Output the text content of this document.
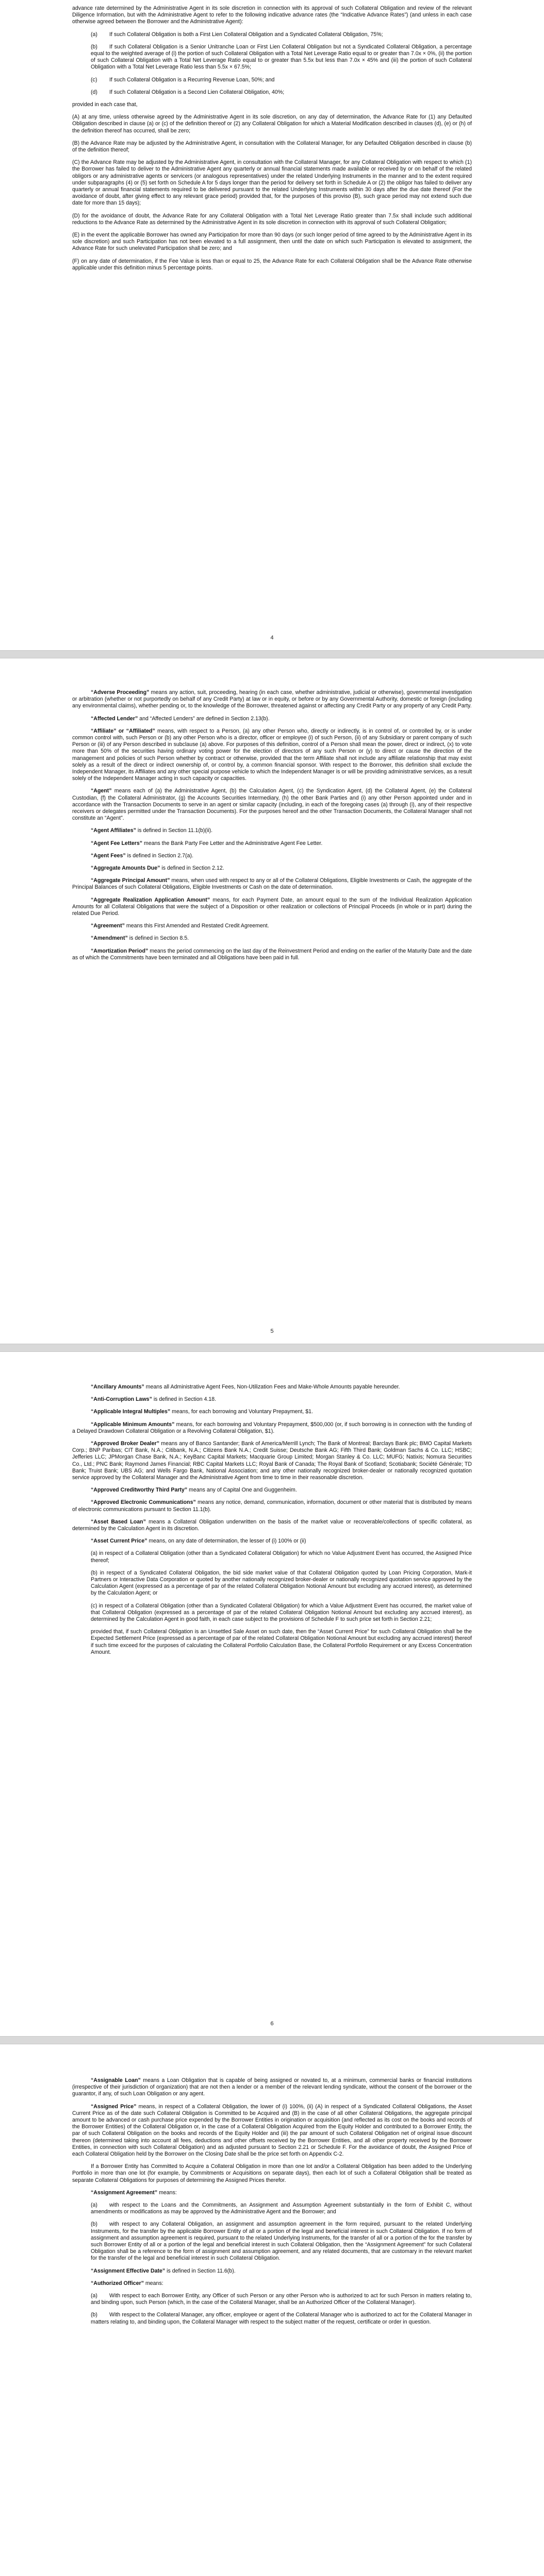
advance rate determined by the Administrative Agent in its sole discretion in connection with its approval of such Collateral Obligation and review of the relevant Diligence Information, but with the Administrative Agent to refer to the following indicative advance rates (the “Indicative Advance Rates”) (and unless in each case otherwise agreed between the Borrower and the Administrative Agent):

(a) If such Collateral Obligation is both a First Lien Collateral Obligation and a Syndicated Collateral Obligation, 75%;

(b) If such Collateral Obligation is a Senior Unitranche Loan or First Lien Collateral Obligation but not a Syndicated Collateral Obligation, a percentage equal to the weighted average of (i) the portion of such Collateral Obligation with a Total Net Leverage Ratio equal to or greater than 7.0x × 0%, (ii) the portion of such Collateral Obligation with a Total Net Leverage Ratio equal to or greater than 5.5x but less than 7.0x × 45% and (iii) the portion of such Collateral Obligation with a Total Net Leverage Ratio less than 5.5x × 67.5%;

(c) If such Collateral Obligation is a Recurring Revenue Loan, 50%; and

(d) If such Collateral Obligation is a Second Lien Collateral Obligation, 40%;

provided in each case that,

(A) at any time, unless otherwise agreed by the Administrative Agent in its sole discretion, on any day of determination, the Advance Rate for (1) any Defaulted Obligation described in clause (a) or (c) of the definition thereof or (2) any Collateral Obligation for which a Material Modification described in clauses (d), (e) or (h) of the definition thereof has occurred, shall be zero;

(B) the Advance Rate may be adjusted by the Administrative Agent, in consultation with the Collateral Manager, for any Defaulted Obligation described in clause (b) of the definition thereof;

(C) the Advance Rate may be adjusted by the Administrative Agent, in consultation with the Collateral Manager, for any Collateral Obligation with respect to which (1) the Borrower has failed to deliver to the Administrative Agent any quarterly or annual financial statements made available or received by or on behalf of the related obligors or any administrative agents or servicers (or analogous representatives) under the related Underlying Instruments in the manner and to the extent required under subparagraphs (4) or (5) set forth on Schedule A for 5 days longer than the period for delivery set forth in Schedule A or (2) the obligor has failed to deliver any quarterly or annual financial statements required to be delivered pursuant to the related Underlying Instruments within 30 days after the due date thereof (For the avoidance of doubt, after giving effect to any relevant grace period) provided that, for the purposes of this proviso (B), such grace period may not extend such due date for more than 15 days);

(D) for the avoidance of doubt, the Advance Rate for any Collateral Obligation with a Total Net Leverage Ratio greater than 7.5x shall include such additional reductions to the Advance Rate as determined by the Administrative Agent in its sole discretion in connection with its approval of such Collateral Obligation;

(E) in the event the applicable Borrower has owned any Participation for more than 90 days (or such longer period of time agreed to by the Administrative Agent in its sole discretion) and such Participation has not been elevated to a full assignment, then until the date on which such Participation is elevated to assignment, the Advance Rate for such unelevated Participation shall be zero; and

(F) on any date of determination, if the Fee Value is less than or equal to 25, the Advance Rate for each Collateral Obligation shall be the Advance Rate otherwise applicable under this definition minus 5 percentage points.

4

“Adverse Proceeding” means any action, suit, proceeding, hearing (in each case, whether administrative, judicial or otherwise), governmental investigation or arbitration (whether or not purportedly on behalf of any Credit Party) at law or in equity, or before or by any Governmental Authority, domestic or foreign (including any environmental claims), whether pending or, to the knowledge of the Borrower, threatened against or affecting any Credit Party or any property of any Credit Party.

“Affected Lender” and “Affected Lenders” are defined in Section 2.13(b).

“Affiliate” or “Affiliated” means, with respect to a Person, (a) any other Person who, directly or indirectly, is in control of, or controlled by, or is under common control with, such Person or (b) any other Person who is a director, officer or employee (i) of such Person, (ii) of any Subsidiary or parent company of such Person or (iii) of any Person described in subclause (a) above. For purposes of this definition, control of a Person shall mean the power, direct or indirect, (x) to vote more than 50% of the securities having ordinary voting power for the election of directors of any such Person or (y) to direct or cause the direction of the management and policies of such Person whether by contract or otherwise, provided that the term Affiliate shall not include any affiliate relationship that may exist solely as a result of the direct or indirect ownership of, or control by, a common financial sponsor. With respect to the Borrower, this definition shall exclude the Independent Manager, its Affiliates and any other special purpose vehicle to which the Independent Manager is or will be providing administrative services, as a result solely of the Independent Manager acting in such capacity or capacities.

“Agent” means each of (a) the Administrative Agent, (b) the Calculation Agent, (c) the Syndication Agent, (d) the Collateral Agent, (e) the Collateral Custodian, (f) the Collateral Administrator, (g) the Accounts Securities Intermediary, (h) the other Bank Parties and (i) any other Person appointed under and in accordance with the Transaction Documents to serve in an agent or similar capacity (including, in each of the foregoing cases (a) through (i), any of their respective receivers or delegates permitted under the Transaction Documents). For the purposes hereof and the other Transaction Documents, the Collateral Manager shall not constitute an “Agent”.

“Agent Affiliates” is defined in Section 11.1(b)(ii).

“Agent Fee Letters” means the Bank Party Fee Letter and the Administrative Agent Fee Letter.

“Agent Fees” is defined in Section 2.7(a).

“Aggregate Amounts Due” is defined in Section 2.12.

“Aggregate Principal Amount” means, when used with respect to any or all of the Collateral Obligations, Eligible Investments or Cash, the aggregate of the Principal Balances of such Collateral Obligations, Eligible Investments or Cash on the date of determination.

“Aggregate Realization Application Amount” means, for each Payment Date, an amount equal to the sum of the Individual Realization Application Amounts for all Collateral Obligations that were the subject of a Disposition or other realization or collections of Principal Proceeds (in whole or in part) during the related Due Period.

“Agreement” means this First Amended and Restated Credit Agreement.

“Amendment” is defined in Section 8.5.

“Amortization Period” means the period commencing on the last day of the Reinvestment Period and ending on the earlier of the Maturity Date and the date as of which the Commitments have been terminated and all Obligations have been paid in full.

5

“Ancillary Amounts” means all Administrative Agent Fees, Non-Utilization Fees and Make-Whole Amounts payable hereunder.

“Anti-Corruption Laws” is defined in Section 4.18.

“Applicable Integral Multiples” means, for each borrowing and Voluntary Prepayment, $1.

“Applicable Minimum Amounts” means, for each borrowing and Voluntary Prepayment, $500,000 (or, if such borrowing is in connection with the funding of a Delayed Drawdown Collateral Obligation or a Revolving Collateral Obligation, $1).

“Approved Broker Dealer” means any of Banco Santander; Bank of America/Merrill Lynch; The Bank of Montreal; Barclays Bank plc; BMO Capital Markets Corp.; BNP Paribas; CIT Bank, N.A.; Citibank, N.A.; Citizens Bank N.A.; Credit Suisse; Deutsche Bank AG; Fifth Third Bank; Goldman Sachs & Co. LLC; HSBC; Jefferies LLC; JPMorgan Chase Bank, N.A.; KeyBanc Capital Markets; Macquarie Group Limited; Morgan Stanley & Co. LLC; MUFG; Natixis; Nomura Securities Co., Ltd.; PNC Bank; Raymond James Financial; RBC Capital Markets LLC; Royal Bank of Canada; The Royal Bank of Scotland; Scotiabank; Société Générale; TD Bank; Truist Bank; UBS AG; and Wells Fargo Bank, National Association; and any other nationally recognized broker-dealer or nationally recognized quotation service approved by the Collateral Manager and the Administrative Agent from time to time in their reasonable discretion.

“Approved Creditworthy Third Party” means any of Capital One and Guggenheim.

“Approved Electronic Communications” means any notice, demand, communication, information, document or other material that is distributed by means of electronic communications pursuant to Section 11.1(b).

“Asset Based Loan” means a Collateral Obligation underwritten on the basis of the market value or recoverable/collections of specific collateral, as determined by the Calculation Agent in its discretion.

“Asset Current Price” means, on any date of determination, the lesser of (i) 100% or (ii)

(a) in respect of a Collateral Obligation (other than a Syndicated Collateral Obligation) for which no Value Adjustment Event has occurred, the Assigned Price thereof;

(b) in respect of a Syndicated Collateral Obligation, the bid side market value of that Collateral Obligation quoted by Loan Pricing Corporation, Mark-it Partners or Interactive Data Corporation or quoted by another nationally recognized broker-dealer or nationally recognized quotation service approved by the Calculation Agent (expressed as a percentage of par of the related Collateral Obligation Notional Amount but excluding any accrued interest), as determined by the Calculation Agent; or

(c) in respect of a Collateral Obligation (other than a Syndicated Collateral Obligation) for which a Value Adjustment Event has occurred, the market value of that Collateral Obligation (expressed as a percentage of par of the related Collateral Obligation Notional Amount but excluding any accrued interest), as determined by the Calculation Agent in good faith, in each case subject to the provisions of Schedule F to such price set forth in Section 2.21;

provided that, if such Collateral Obligation is an Unsettled Sale Asset on such date, then the “Asset Current Price” for such Collateral Obligation shall be the Expected Settlement Price (expressed as a percentage of par of the related Collateral Obligation Notional Amount but excluding any accrued interest) thereof if such time exceed for the purposes of calculating the Collateral Portfolio Calculation Base, the Collateral Portfolio Requirement or any Excess Concentration Amount.

6

“Assignable Loan” means a Loan Obligation that is capable of being assigned or novated to, at a minimum, commercial banks or financial institutions (irrespective of their jurisdiction of organization) that are not then a lender or a member of the relevant lending syndicate, without the consent of the borrower or the guarantor, if any, of such Loan Obligation or any agent.

“Assigned Price” means, in respect of a Collateral Obligation, the lower of (i) 100%, (ii) (A) in respect of a Syndicated Collateral Obligations, the Asset Current Price as of the date such Collateral Obligation is Committed to be Acquired and (B) in the case of all other Collateral Obligations, the aggregate principal amount to be advanced or cash purchase price expended by the Borrower Entities in origination or acquisition (and reflected as its cost on the books and records of the Borrower Entities) of the Collateral Obligation or, in the case of a Collateral Obligation Acquired from the Equity Holder and contributed to a Borrower Entity, the par of such Collateral Obligation on the books and records of the Equity Holder and (iii) the par amount of such Collateral Obligation net of original issue discount thereon (determined taking into account all fees, deductions and other offsets received by the Borrower Entities, and all other property received by the Borrower Entities, in connection with such Collateral Obligation) and as adjusted pursuant to Section 2.21 or Schedule F. For the avoidance of doubt, the Assigned Price of each Collateral Obligation held by the Borrower on the Closing Date shall be the price set forth on Appendix C-2.

If a Borrower Entity has Committed to Acquire a Collateral Obligation in more than one lot and/or a Collateral Obligation has been added to the Underlying Portfolio in more than one lot (for example, by Commitments or Acquisitions on separate days), then each lot of such a Collateral Obligation shall be treated as separate Collateral Obligations for purposes of determining the Assigned Prices therefor.

“Assignment Agreement” means:

(a) with respect to the Loans and the Commitments, an Assignment and Assumption Agreement substantially in the form of Exhibit C, without amendments or modifications as may be approved by the Administrative Agent and the Borrower; and

(b) with respect to any Collateral Obligation, an assignment and assumption agreement in the form required, pursuant to the related Underlying Instruments, for the transfer by the applicable Borrower Entity of all or a portion of the legal and beneficial interest in such Collateral Obligation. If no form of assignment and assumption agreement is required, pursuant to the related Underlying Instruments, for the transfer of all or a portion of the for the transfer by such Borrower Entity of all or a portion of the legal and beneficial interest in such Collateral Obligation, then the “Assignment Agreement” for such Collateral Obligation shall be a reference to the form of assignment and assumption agreement, and any related documents, that are customary in the relevant market for the transfer of the legal and beneficial interest in such Collateral Obligation.

“Assignment Effective Date” is defined in Section 11.6(b).

“Authorized Officer” means:

(a) With respect to each Borrower Entity, any Officer of such Person or any other Person who is authorized to act for such Person in matters relating to, and binding upon, such Person (which, in the case of the Collateral Manager, shall be an Authorized Officer of the Collateral Manager).

(b) With respect to the Collateral Manager, any officer, employee or agent of the Collateral Manager who is authorized to act for the Collateral Manager in matters relating to, and binding upon, the Collateral Manager with respect to the subject matter of the request, certificate or order in question.
